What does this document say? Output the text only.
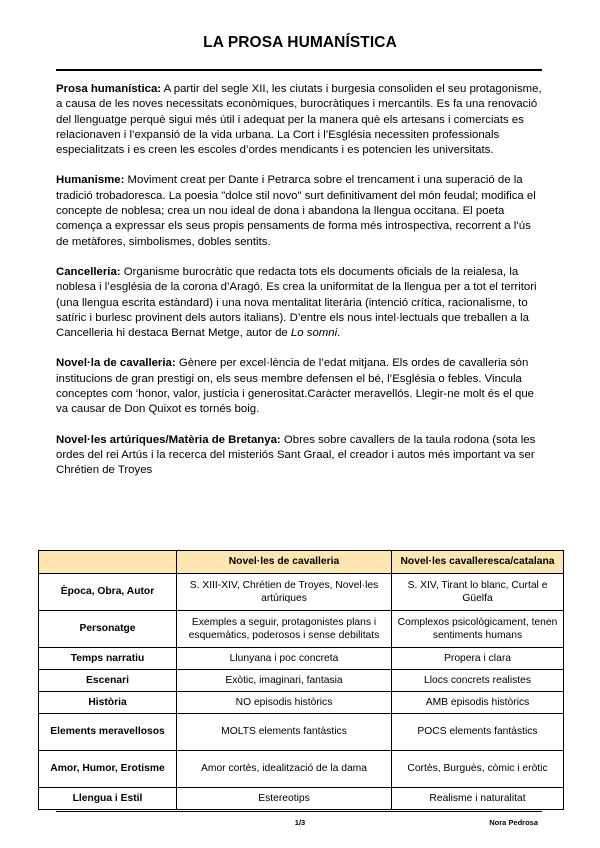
LA PROSA HUMANÍSTICA

Prosa humanística: A partir del segle XII, les ciutats i burgesia consoliden el seu protagonisme, a causa de les noves necessitats econòmiques, burocràtiques i mercantils. Es fa una renovació del llenguatge perquè sigui més útil i adequat per la manera què els artesans i comerciats es relacionaven i l’expansió de la vida urbana. La Cort i l’Església necessiten professionals especialitzats i es creen les escoles d’ordes mendicants i es potencien les universitats.

Humanisme: Moviment creat per Dante i Petrarca sobre el trencament i una superació de la tradició trobadoresca. La poesia "dolce stil novo" surt definitivament del món feudal; modifica el concepte de noblesa; crea un nou ideal de dona i abandona la llengua occitana. El poeta comença a expressar els seus propis pensaments de forma més introspectiva, recorrent a l’ús de metàfores, simbolismes, dobles sentits.

Cancelleria: Organisme burocràtic que redacta tots els documents oficials de la reialesa, la noblesa i l’església de la corona d’Aragó. Es crea la uniformitat de la llengua per a tot el territori (una llengua escrita estàndard) i una nova mentalitat literària (intenció crítica, racionalisme, to satíric i burlesc provinent dels autors italians). D’entre els nous intel·lectuals que treballen a la Cancelleria hi destaca Bernat Metge, autor de Lo somni.

Novel·la de cavalleria: Gènere per excel·lència de l’edat mitjana. Els ordes de cavalleria són institucions de gran prestigi on, els seus membre defensen el bé, l’Església o febles. Vincula conceptes com ‘honor, valor, justícia i generositat.Caràcter meravellós. Llegir-ne molt és el que va causar de Don Quixot es tornés boig.

Novel·les artúriques/Matèria de Bretanya: Obres sobre cavallers de la taula rodona (sota les ordes del rei Artús i la recerca del misteriós Sant Graal, el creador i autos més important va ser Chrétien de Troyes

	Novel·les de cavalleria	Novel·les cavalleresca/catalana
Època, Obra, Autor	S. XIII-XIV, Chrétien de Troyes, Novel·les artúriques	S. XIV, Tirant lo blanc, Curtal e Güelfa
Personatge	Exemples a seguir, protagonistes plans i esquemàtics, poderosos i sense debilitats	Complexos psicològicament, tenen sentiments humans
Temps narratiu	Llunyana i poc concreta	Propera i clara
Escenari	Exòtic, imaginari, fantasia	Llocs concrets realistes
Història	NO episodis històrics	AMB episodis històrics
Elements meravellosos	MOLTS elements fantàstics	POCS elements fantàstics
Amor, Humor, Erotisme	Amor cortès, idealització de la dama	Cortès, Burguès, còmic i eròtic
Llengua i Estil	Estereotips	Realisme i naturalitat
1/3	Nora Pedrosa
